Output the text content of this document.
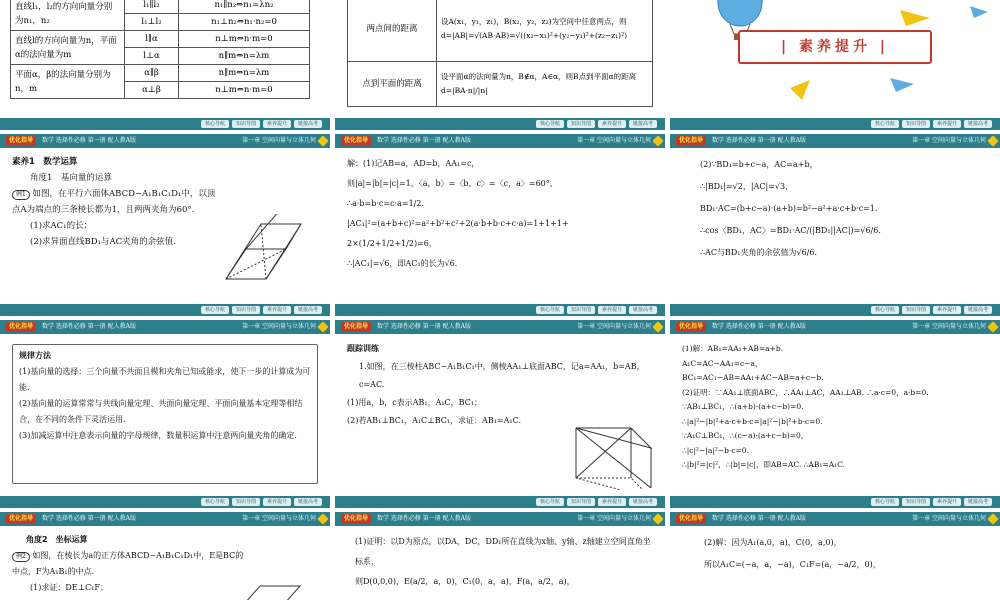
直线l₁，l₂的方向向量分别为n₁，n₂	l₁∥l₂	n₁∥n₂⇔n₁=λn₂
	l₁⊥l₂	n₁⊥n₂⇔n₁·n₂=0
直线l的方向向量为n，平面α的法向量为m	l∥α	n⊥m⇔n·m=0
	l⊥α	n∥m⇔n=λm
平面α，β的法向量分别为n，m	α∥β	n∥m⇔n=λm
	α⊥β	n⊥m⇔n·m=0
核心导航	知识导图	素养提升	链接高考
两点间的距离	设A(x₁，y₁，z₁)，B(x₂，y₂，z₂)为空间中任意两点，则d=|AB|=√(AB·AB)=√((x₂−x₁)²+(y₂−y₁)²+(z₂−z₁)²)
点到平面的距离	设平面α的法向量为n，B∉α，A∈α，则B点到平面α的距离d=|BA·n|/|n|
核心导航	知识导图	素养提升	链接高考
| 素养提升 |
核心导航	知识导图	素养提升	链接高考
优化指导 数学 选择性必修 第一册 配人教A版	第一章 空间向量与立体几何

素养1　数学运算

角度1　基向量的运算

例1 如图，在平行六面体ABCD−A₁B₁C₁D₁中，以顶点A为端点的三条棱长都为1，且两两夹角为60°.

(1)求AC₁的长；

(2)求异面直线BD₁与AC夹角的余弦值.

核心导航	知识导图	素养提升	链接高考
优化指导 数学 选择性必修 第一册 配人教A版	第一章 空间向量与立体几何

解：(1)记AB=a，AD=b，AA₁=c，

则|a|=|b|=|c|=1，〈a，b〉=〈b，c〉=〈c，a〉=60°，

∴a·b=b·c=c·a=1/2.

|AC₁|²=(a+b+c)²=a²+b²+c²+2(a·b+b·c+c·a)=1+1+1+

2×(1/2+1/2+1/2)=6，

∴|AC₁|=√6，即AC₁的长为√6.

核心导航	知识导图	素养提升	链接高考
优化指导 数学 选择性必修 第一册 配人教A版	第一章 空间向量与立体几何

(2)∵BD₁=b+c−a，AC=a+b，

∴|BD₁|=√2，|AC|=√3，

BD₁·AC=(b+c−a)·(a+b)=b²−a²+a·c+b·c=1.

∴cos〈BD₁，AC〉=BD₁·AC/(|BD₁||AC|)=√6/6.

∴AC与BD₁夹角的余弦值为√6/6.

核心导航	知识导图	素养提升	链接高考
优化指导 数学 选择性必修 第一册 配人教A版	第一章 空间向量与立体几何

规律方法

(1)基向量的选择：三个向量不共面且模和夹角已知或能求，使下一步的计算成为可能.

(2)基向量的运算常常与共线向量定理、共面向量定理、平面向量基本定理等相结合，在不同的条件下灵活运用.

(3)加减运算中注意表示向量的字母规律，数量积运算中注意两向量夹角的确定.

核心导航	知识导图	素养提升	链接高考
优化指导 数学 选择性必修 第一册 配人教A版	第一章 空间向量与立体几何

跟踪训练

1.如图，在三棱柱ABC−A₁B₁C₁中，侧棱AA₁⊥底面ABC，记a=AA₁，b=AB，c=AC.

(1)用a，b，c表示AB₁，A₁C，BC₁；

(2)若AB₁⊥BC₁，A₁C⊥BC₁，求证：AB₁=A₁C.

核心导航	知识导图	素养提升	链接高考
优化指导 数学 选择性必修 第一册 配人教A版	第一章 空间向量与立体几何

(1)解：AB₁=AA₁+AB=a+b.

A₁C=AC−AA₁=c−a，

BC₁=AC₁−AB=AA₁+AC−AB=a+c−b.

(2)证明：∵AA₁⊥底面ABC，∴AA₁⊥AC，AA₁⊥AB. ∴a·c=0，a·b=0.

∵AB₁⊥BC₁，∴(a+b)·(a+c−b)=0.

∴|a|²−|b|²+a·c+b·c=|a|²−|b|²+b·c=0.

∵A₁C⊥BC₁，∴(c−a)·(a+c−b)=0，

∴|c|²−|a|²−b·c=0.

∴|b|²=|c|²，∴|b|=|c|，即AB=AC. ∴AB₁=A₁C.

核心导航	知识导图	素养提升	链接高考
优化指导 数学 选择性必修 第一册 配人教A版	第一章 空间向量与立体几何

角度2　坐标运算

例2 如图，在棱长为a的正方体ABCD−A₁B₁C₁D₁中，E是BC的中点，F为A₁B₁的中点.

(1)求证：DE⊥C₁F；

优化指导 数学 选择性必修 第一册 配人教A版	第一章 空间向量与立体几何

(1)证明：以D为原点，以DA，DC，DD₁所在直线为x轴、y轴、z轴建立空间直角坐标系，

则D(0,0,0)，E(a/2，a，0)，C₁(0，a，a)，F(a，a/2，a)，

优化指导 数学 选择性必修 第一册 配人教A版	第一章 空间向量与立体几何

(2)解：因为A₁(a,0，a)，C(0，a,0)，

所以A₁C=(−a，a，−a)，C₁F=(a，−a/2，0)，
